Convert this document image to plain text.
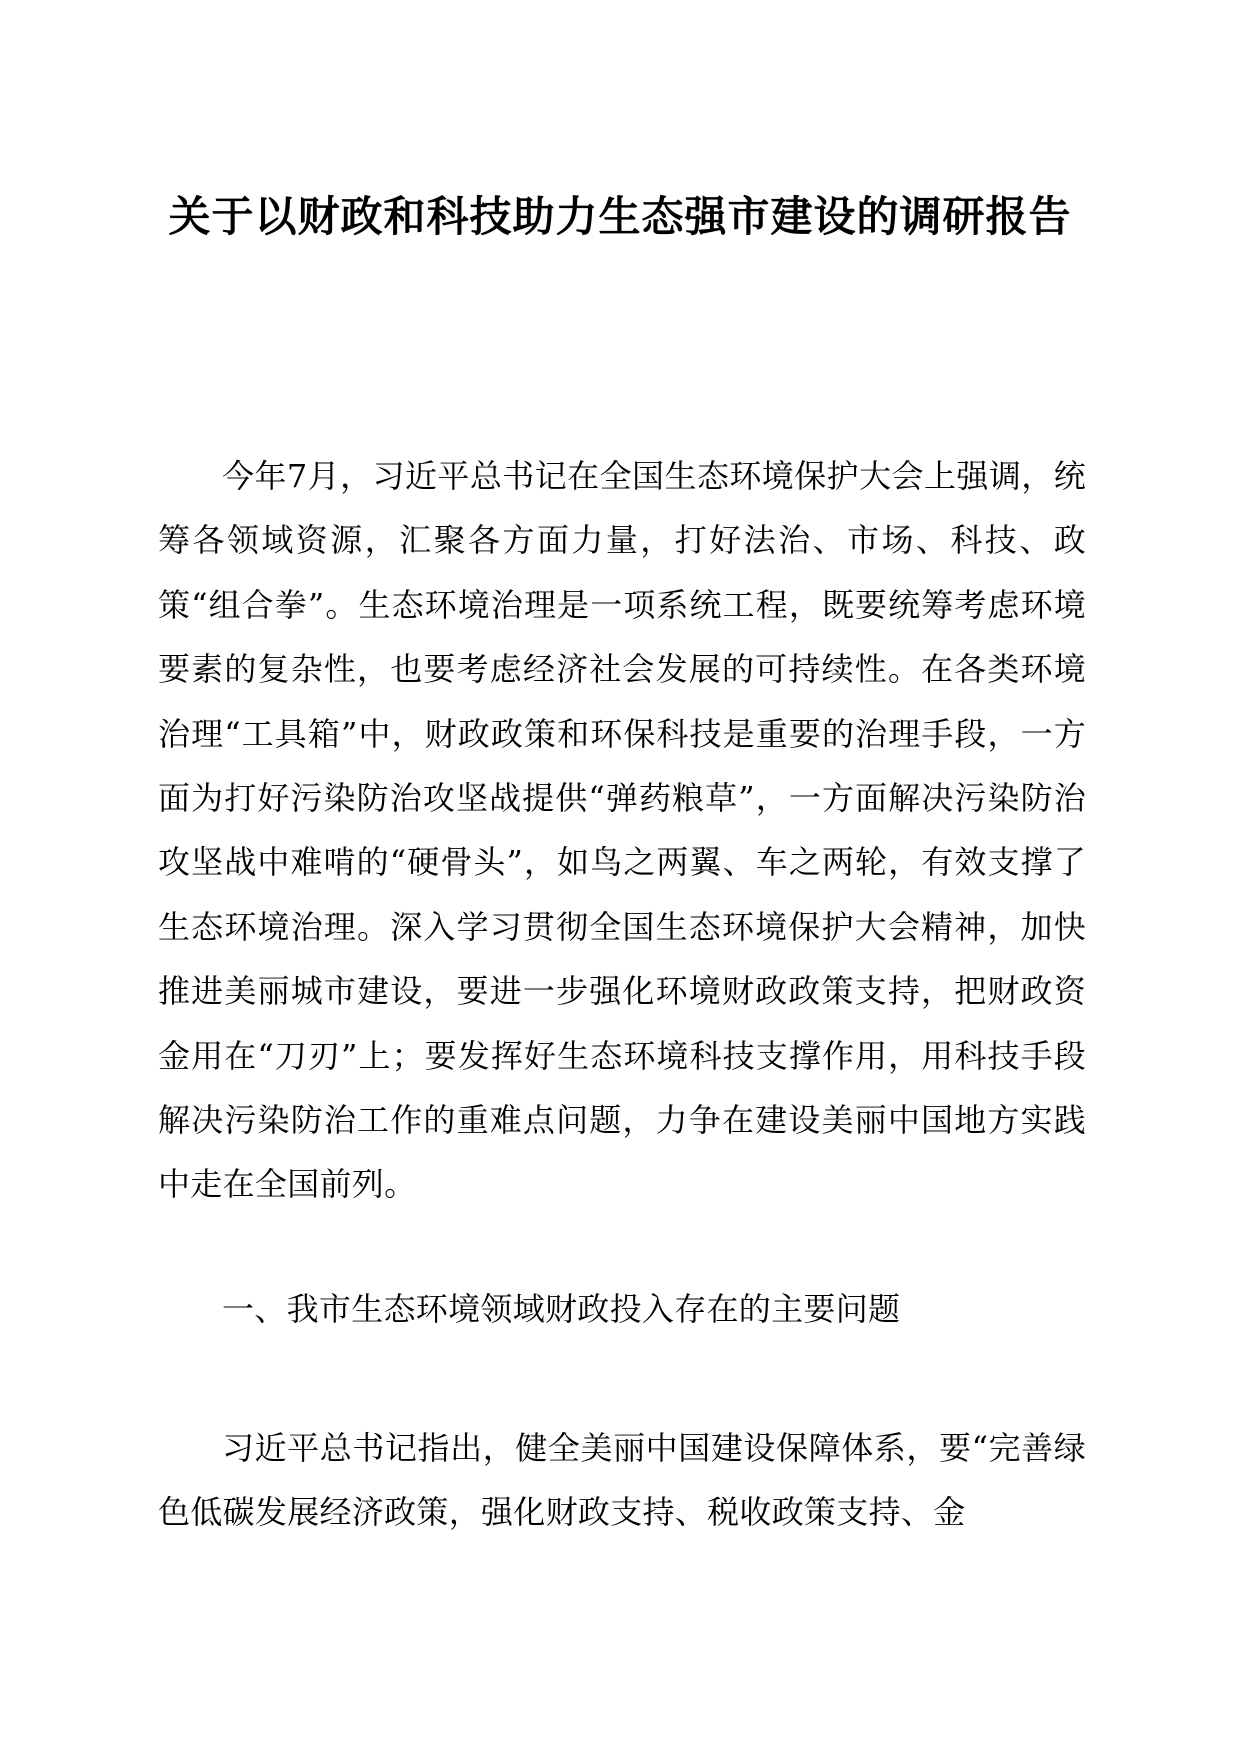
关于以财政和科技助力生态强市建设的调研报告

今年7月，习近平总书记在全国生态环境保护大会上强调，统筹各领域资源，汇聚各方面力量，打好法治、市场、科技、政策“组合拳”。生态环境治理是一项系统工程，既要统筹考虑环境要素的复杂性，也要考虑经济社会发展的可持续性。在各类环境治理“工具箱”中，财政政策和环保科技是重要的治理手段，一方面为打好污染防治攻坚战提供“弹药粮草”，一方面解决污染防治攻坚战中难啃的“硬骨头”，如鸟之两翼、车之两轮，有效支撑了生态环境治理。深入学习贯彻全国生态环境保护大会精神，加快推进美丽城市建设，要进一步强化环境财政政策支持，把财政资金用在“刀刃”上；要发挥好生态环境科技支撑作用，用科技手段解决污染防治工作的重难点问题，力争在建设美丽中国地方实践中走在全国前列。

一、我市生态环境领域财政投入存在的主要问题

习近平总书记指出，健全美丽中国建设保障体系，要“完善绿色低碳发展经济政策，强化财政支持、税收政策支持、金
